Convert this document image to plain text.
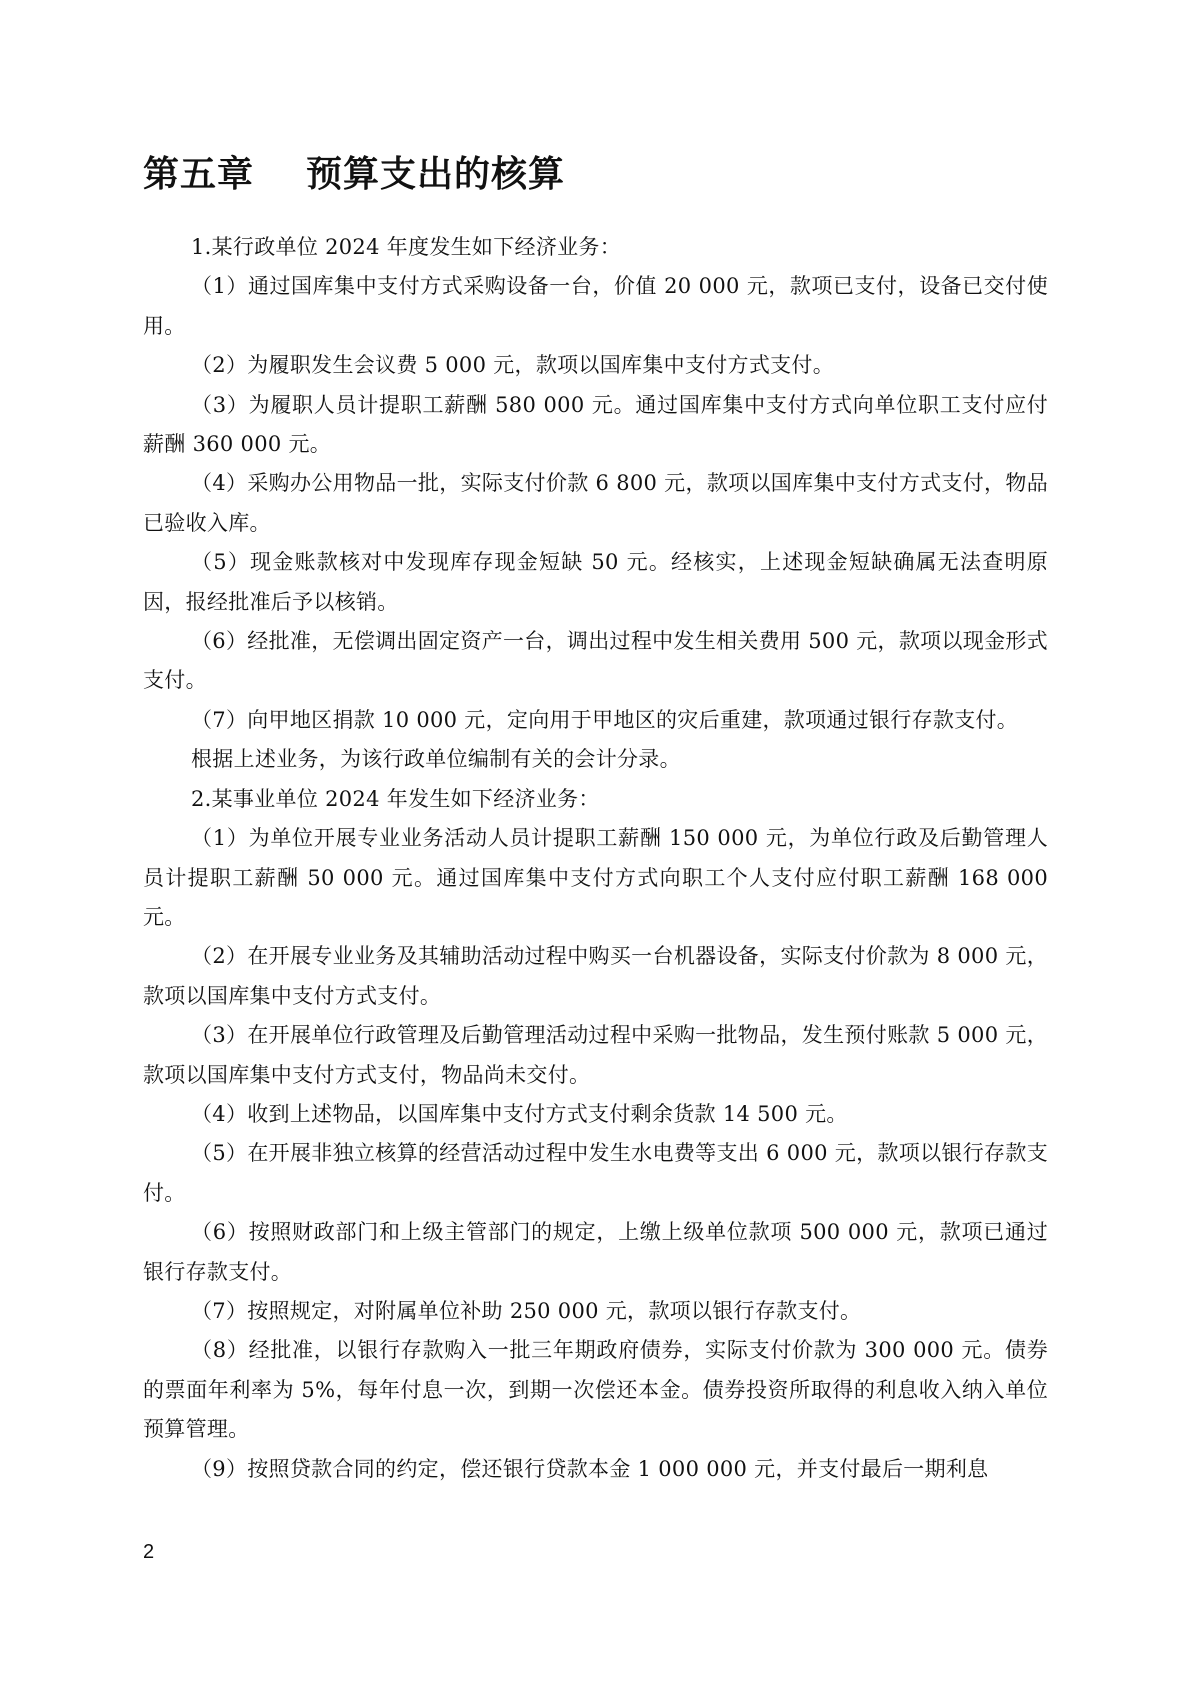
第五章 预算支出的核算

1.某行政单位 2024 年度发生如下经济业务：

（1）通过国库集中支付方式采购设备一台，价值 20 000 元，款项已支付，设备已交付使用。

（2）为履职发生会议费 5 000 元，款项以国库集中支付方式支付。

（3）为履职人员计提职工薪酬 580 000 元。通过国库集中支付方式向单位职工支付应付薪酬 360 000 元。

（4）采购办公用物品一批，实际支付价款 6 800 元，款项以国库集中支付方式支付，物品已验收入库。

（5）现金账款核对中发现库存现金短缺 50 元。经核实，上述现金短缺确属无法查明原因，报经批准后予以核销。

（6）经批准，无偿调出固定资产一台，调出过程中发生相关费用 500 元，款项以现金形式支付。

（7）向甲地区捐款 10 000 元，定向用于甲地区的灾后重建，款项通过银行存款支付。

根据上述业务，为该行政单位编制有关的会计分录。

2.某事业单位 2024 年发生如下经济业务：

（1）为单位开展专业业务活动人员计提职工薪酬 150 000 元，为单位行政及后勤管理人员计提职工薪酬 50 000 元。通过国库集中支付方式向职工个人支付应付职工薪酬 168 000 元。

（2）在开展专业业务及其辅助活动过程中购买一台机器设备，实际支付价款为 8 000 元，款项以国库集中支付方式支付。

（3）在开展单位行政管理及后勤管理活动过程中采购一批物品，发生预付账款 5 000 元，款项以国库集中支付方式支付，物品尚未交付。

（4）收到上述物品，以国库集中支付方式支付剩余货款 14 500 元。

（5）在开展非独立核算的经营活动过程中发生水电费等支出 6 000 元，款项以银行存款支付。

（6）按照财政部门和上级主管部门的规定，上缴上级单位款项 500 000 元，款项已通过银行存款支付。

（7）按照规定，对附属单位补助 250 000 元，款项以银行存款支付。

（8）经批准，以银行存款购入一批三年期政府债券，实际支付价款为 300 000 元。债券的票面年利率为 5%，每年付息一次，到期一次偿还本金。债券投资所取得的利息收入纳入单位预算管理。

（9）按照贷款合同的约定，偿还银行贷款本金 1 000 000 元，并支付最后一期利息

2
